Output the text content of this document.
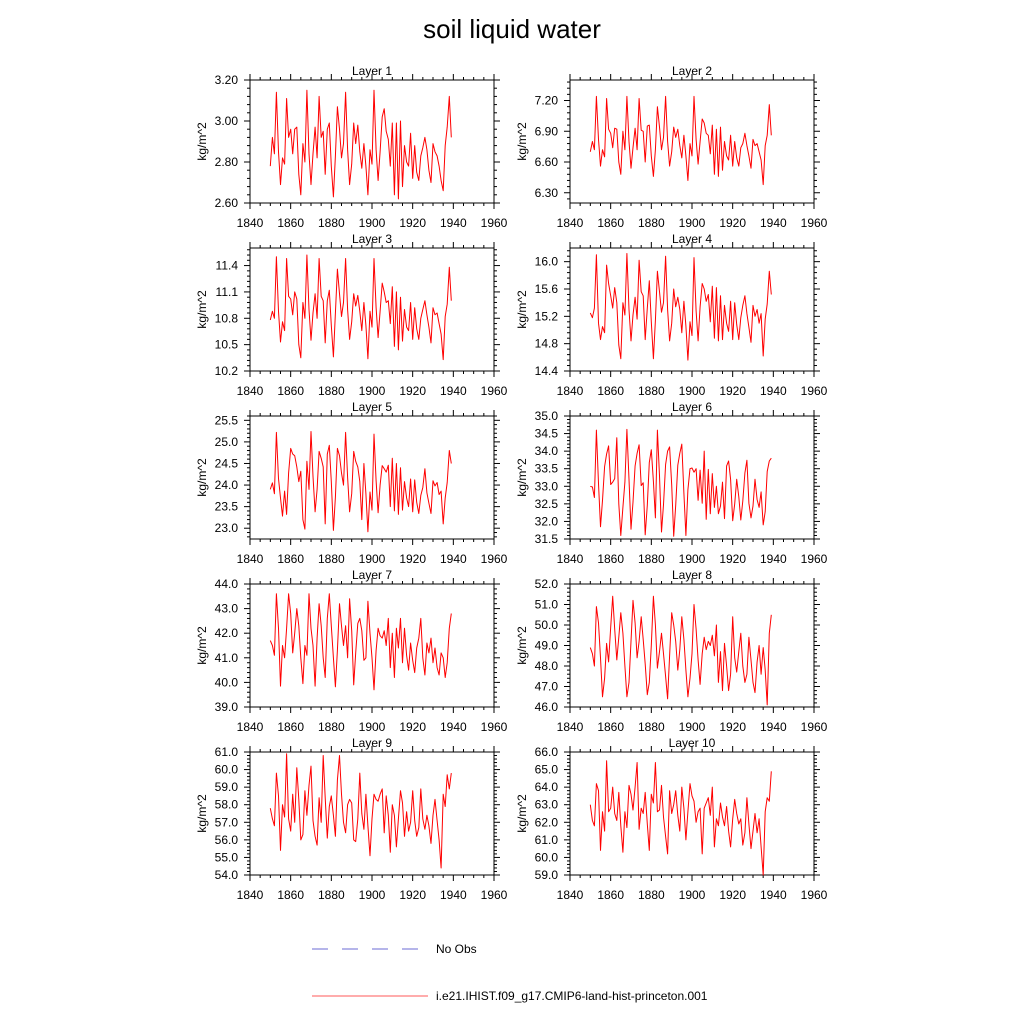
soil liquid water
Layer 1
kg/m^2
1840 1860 1880 1900 1920 1940 1960
2.60
2.80
3.00
3.20
Layer 2
kg/m^2
1840 1860 1880 1900 1920 1940 1960
6.30
6.60
6.90
7.20
Layer 3
kg/m^2
1840 1860 1880 1900 1920 1940 1960
10.2
10.5
10.8
11.1
11.4
Layer 4
kg/m^2
1840 1860 1880 1900 1920 1940 1960
14.4
14.8
15.2
15.6
16.0
Layer 5
kg/m^2
1840 1860 1880 1900 1920 1940 1960
23.0
23.5
24.0
24.5
25.0
25.5
Layer 6
kg/m^2
1840 1860 1880 1900 1920 1940 1960
31.5
32.0
32.5
33.0
33.5
34.0
34.5
35.0
Layer 7
kg/m^2
1840 1860 1880 1900 1920 1940 1960
39.0
40.0
41.0
42.0
43.0
44.0
Layer 8
kg/m^2
1840 1860 1880 1900 1920 1940 1960
46.0
47.0
48.0
49.0
50.0
51.0
52.0
Layer 9
kg/m^2
1840 1860 1880 1900 1920 1940 1960
54.0
55.0
56.0
57.0
58.0
59.0
60.0
61.0
Layer 10
kg/m^2
1840 1860 1880 1900 1920 1940 1960
59.0
60.0
61.0
62.0
63.0
64.0
65.0
66.0
No Obs
i.e21.IHIST.f09_g17.CMIP6-land-hist-princeton.001
